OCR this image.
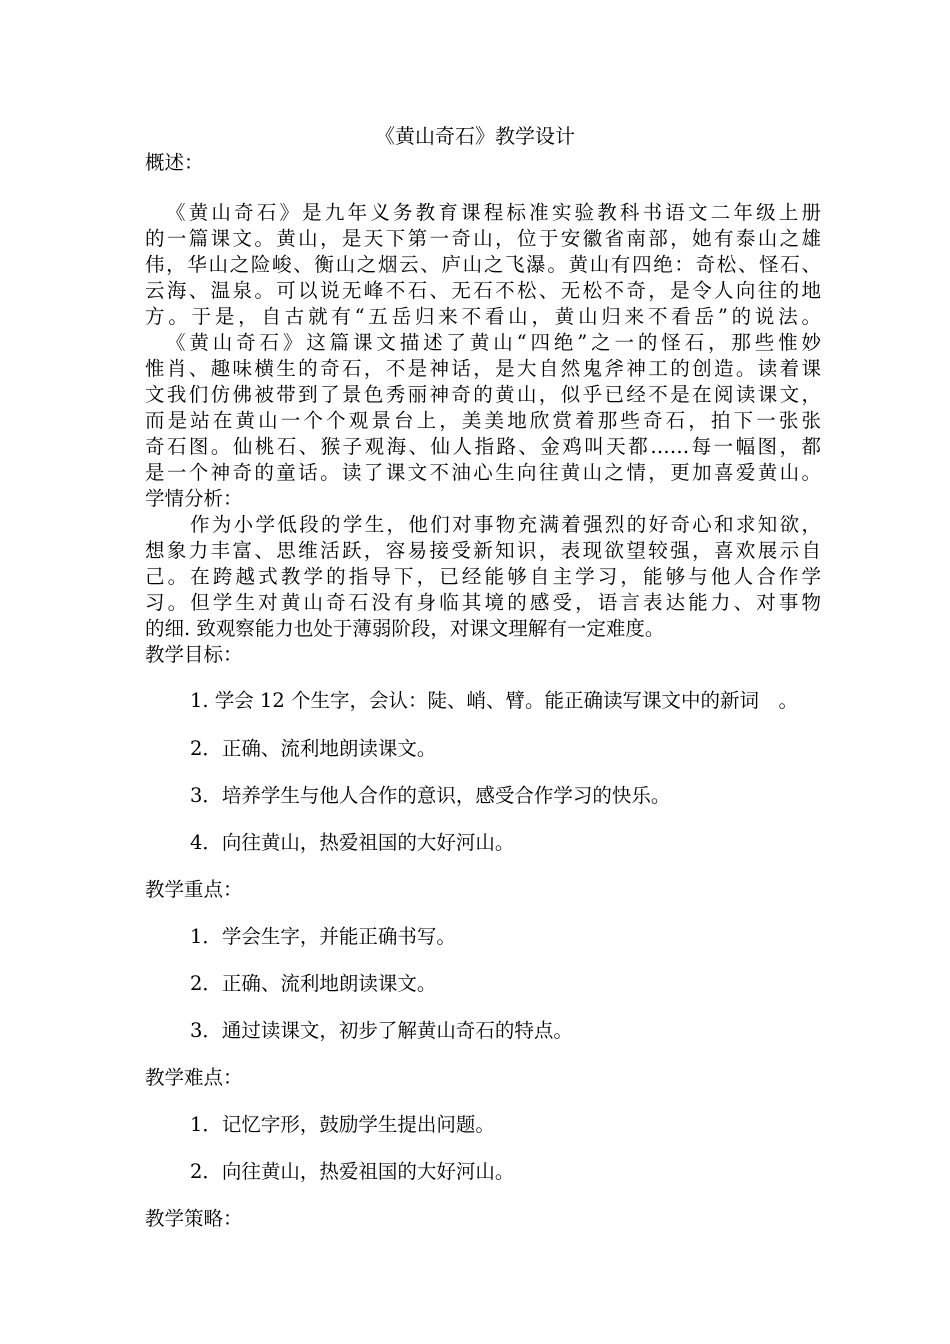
《黄山奇石》教学设计
概述：
《黄山奇石》是九年义务教育课程标准实验教科书语文二年级上册
的一篇课文。黄山，是天下第一奇山，位于安徽省南部，她有泰山之雄
伟，华山之险峻、衡山之烟云、庐山之飞瀑。黄山有四绝：奇松、怪石、
云海、温泉。可以说无峰不石、无石不松、无松不奇，是令人向往的地
方。于是，自古就有“五岳归来不看山，黄山归来不看岳”的说法。
《黄山奇石》这篇课文描述了黄山“四绝”之一的怪石，那些惟妙
惟肖、趣味横生的奇石，不是神话，是大自然鬼斧神工的创造。读着课
文我们仿佛被带到了景色秀丽神奇的黄山，似乎已经不是在阅读课文，
而是站在黄山一个个观景台上，美美地欣赏着那些奇石，拍下一张张
奇石图。仙桃石、猴子观海、仙人指路、金鸡叫天都……每一幅图，都
是一个神奇的童话。读了课文不油心生向往黄山之情，更加喜爱黄山。
学情分析：
作为小学低段的学生，他们对事物充满着强烈的好奇心和求知欲，
想象力丰富、思维活跃，容易接受新知识，表现欲望较强，喜欢展示自
己。在跨越式教学的指导下，已经能够自主学习，能够与他人合作学
习。但学生对黄山奇石没有身临其境的感受，语言表达能力、对事物
的细. 致观察能力也处于薄弱阶段，对课文理解有一定难度。
教学目标：
1. 学会 12 个生字，会认：陡、峭、臂。能正确读写课文中的新词　。
2．正确、流利地朗读课文。
3．培养学生与他人合作的意识，感受合作学习的快乐。
4．向往黄山，热爱祖国的大好河山。
教学重点：
1．学会生字，并能正确书写。
2．正确、流利地朗读课文。
3．通过读课文，初步了解黄山奇石的特点。
教学难点：
1．记忆字形，鼓励学生提出问题。
2．向往黄山，热爱祖国的大好河山。
教学策略：
